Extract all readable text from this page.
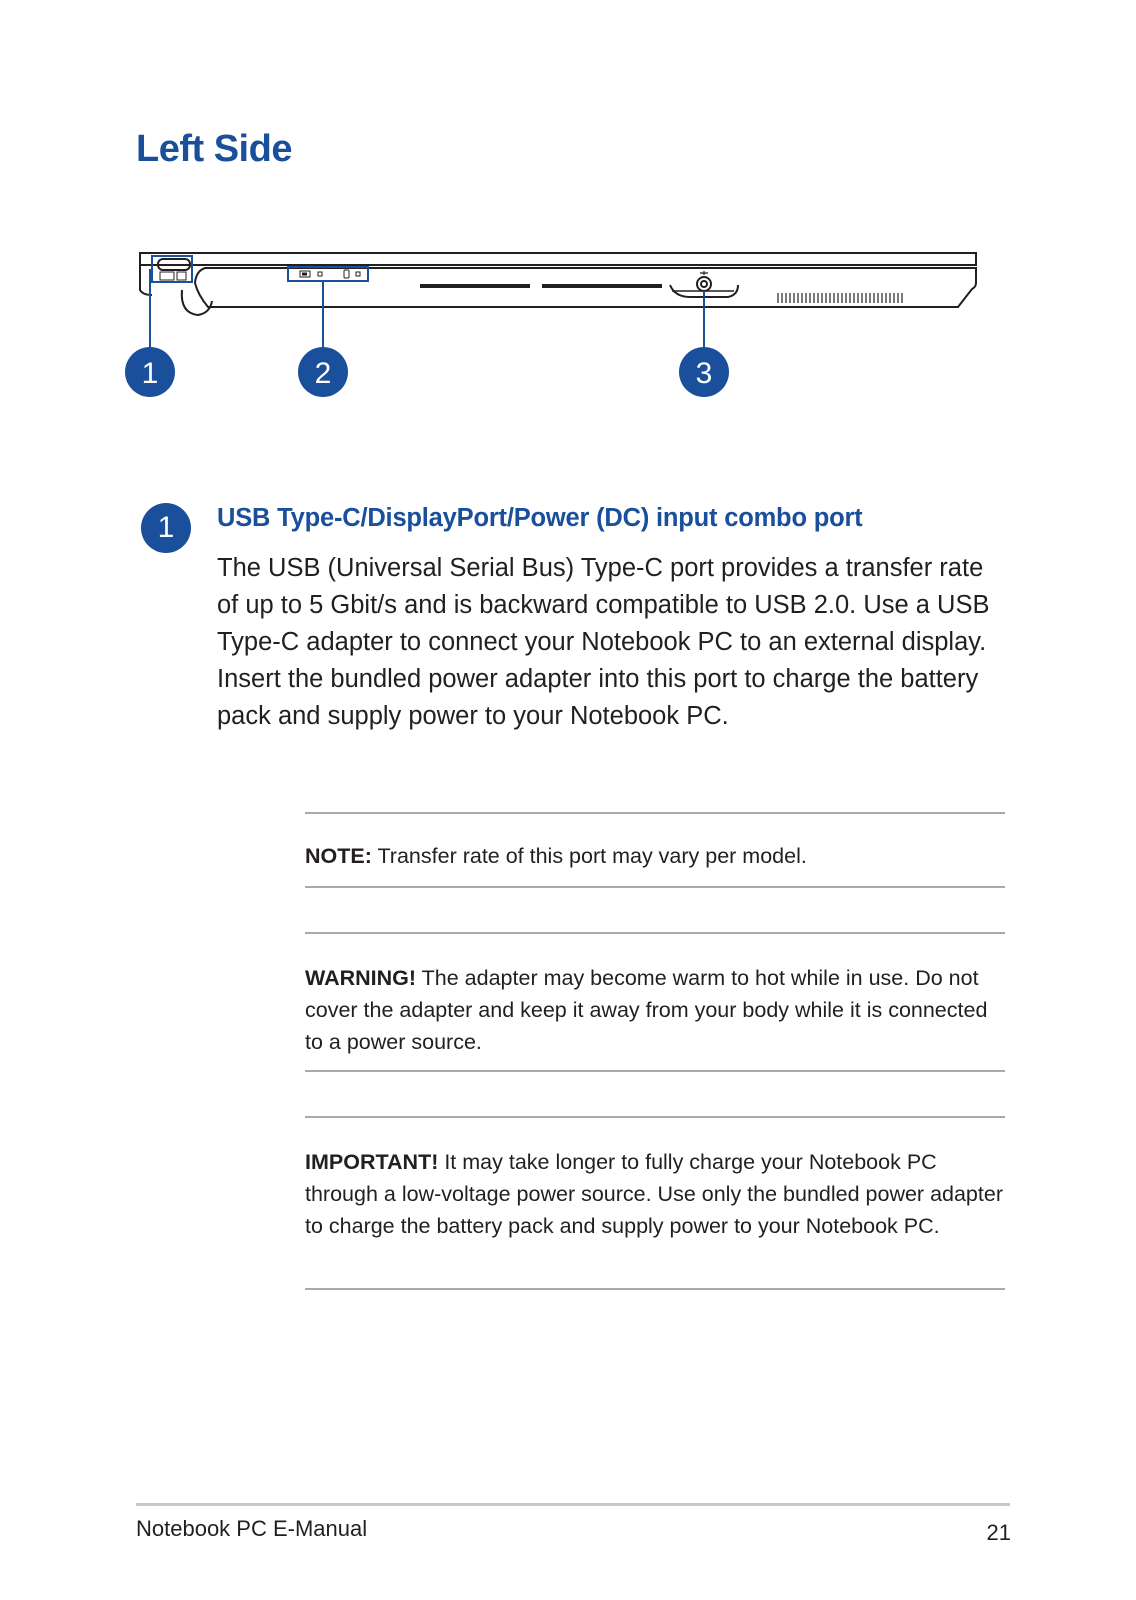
Left Side
1	2	3
1	USB Type-C/DisplayPort/Power (DC) input combo port

The USB (Universal Serial Bus) Type-C port provides a transfer rate of up to 5 Gbit/s and is backward compatible to USB 2.0. Use a USB Type-C adapter to connect your Notebook PC to an external display. Insert the bundled power adapter into this port to charge the battery pack and supply power to your Notebook PC.

NOTE: Transfer rate of this port may vary per model.
WARNING! The adapter may become warm to hot while in use. Do not cover the adapter and keep it away from your body while it is connected to a power source.
IMPORTANT! It may take longer to fully charge your Notebook PC through a low-voltage power source. Use only the bundled power adapter to charge the battery pack and supply power to your Notebook PC.
Notebook PC E-Manual	21
